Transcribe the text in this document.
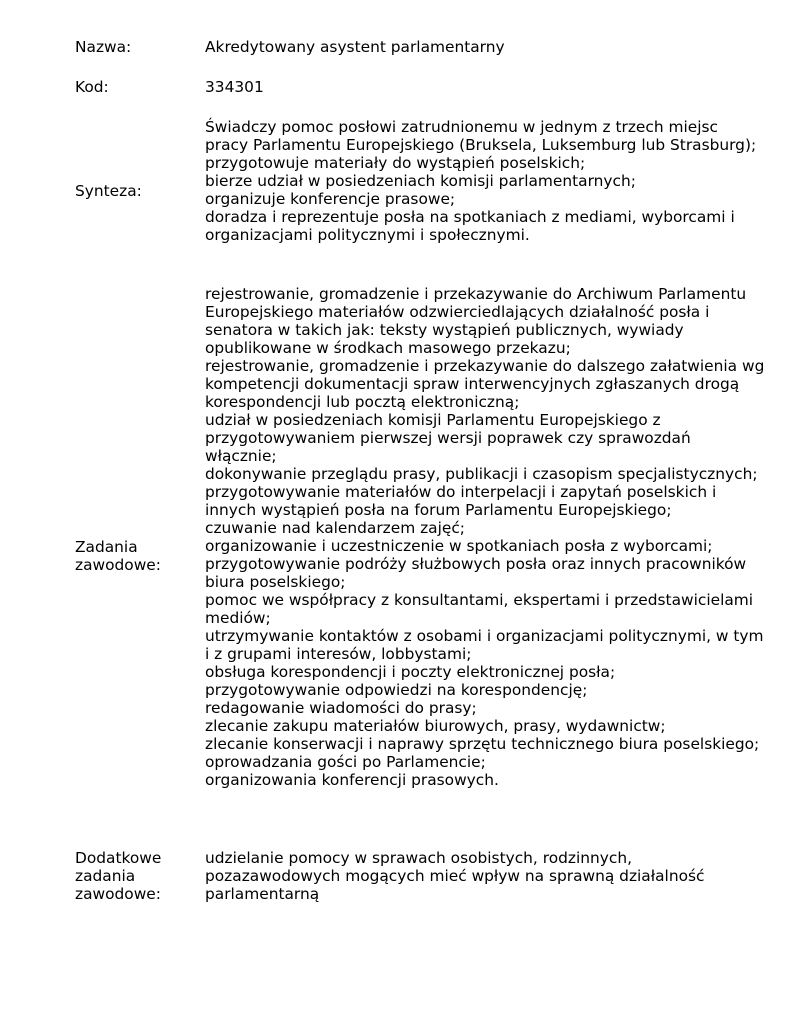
Nazwa:	Akredytowany asystent parlamentarny
Kod:	334301
Synteza:
Świadczy pomoc posłowi zatrudnionemu w jednym z trzech miejsc pracy Parlamentu Europejskiego (Bruksela, Luksemburg lub Strasburg);
przygotowuje materiały do wystąpień poselskich;
bierze udział w posiedzeniach komisji parlamentarnych;
organizuje konferencje prasowe;
doradza i reprezentuje posła na spotkaniach z mediami, wyborcami i organizacjami politycznymi i społecznymi.
Zadania
zawodowe:
rejestrowanie, gromadzenie i przekazywanie do Archiwum Parlamentu Europejskiego materiałów odzwierciedlających działalność posła i senatora w takich jak: teksty wystąpień publicznych, wywiady opublikowane w środkach masowego przekazu;
rejestrowanie, gromadzenie i przekazywanie do dalszego załatwienia wg kompetencji dokumentacji spraw interwencyjnych zgłaszanych drogą korespondencji lub pocztą elektroniczną;
udział w posiedzeniach komisji Parlamentu Europejskiego z przygotowywaniem pierwszej wersji poprawek czy sprawozdań włącznie;
dokonywanie przeglądu prasy, publikacji i czasopism specjalistycznych;
przygotowywanie materiałów do interpelacji i zapytań poselskich i innych wystąpień posła na forum Parlamentu Europejskiego;
czuwanie nad kalendarzem zajęć;
organizowanie i uczestniczenie w spotkaniach posła z wyborcami;
przygotowywanie podróży służbowych posła oraz innych pracowników biura poselskiego;
pomoc we współpracy z konsultantami, ekspertami i przedstawicielami mediów;
utrzymywanie kontaktów z osobami i organizacjami politycznymi, w tym i z grupami interesów, lobbystami;
obsługa korespondencji i poczty elektronicznej posła;
przygotowywanie odpowiedzi na korespondencję;
redagowanie wiadomości do prasy;
zlecanie zakupu materiałów biurowych, prasy, wydawnictw;
zlecanie konserwacji i naprawy sprzętu technicznego biura poselskiego;
oprowadzania gości po Parlamencie;
organizowania konferencji prasowych.
Dodatkowe
zadania
zawodowe:
udzielanie pomocy w sprawach osobistych, rodzinnych, pozazawodowych mogących mieć wpływ na sprawną działalność parlamentarną
